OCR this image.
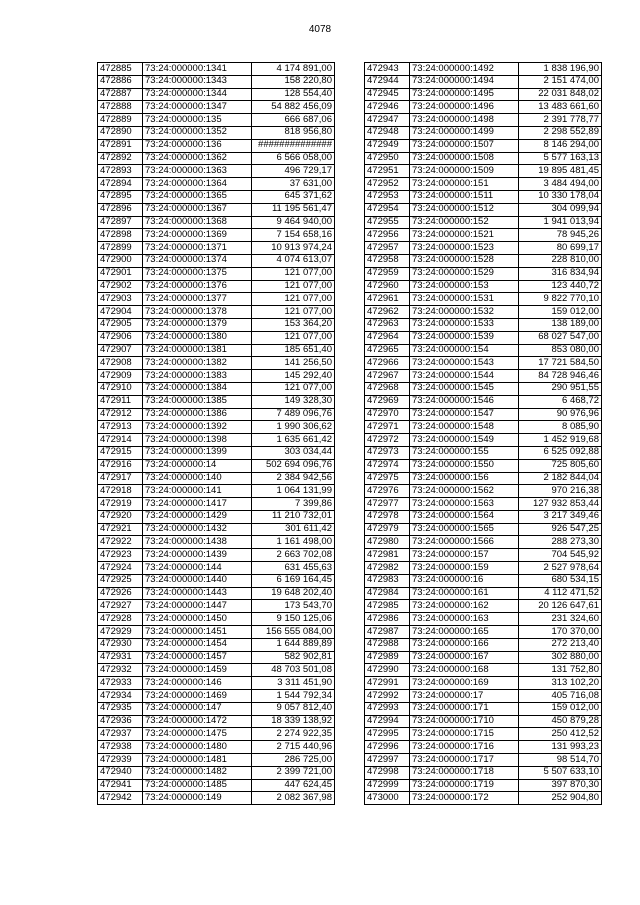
4078
472885	73:24:000000:1341	4 174 891,00
472886	73:24:000000:1343	158 220,80
472887	73:24:000000:1344	128 554,40
472888	73:24:000000:1347	54 882 456,09
472889	73:24:000000:135	666 687,06
472890	73:24:000000:1352	818 956,80
472891	73:24:000000:136	##############
472892	73:24:000000:1362	6 566 058,00
472893	73:24:000000:1363	496 729,17
472894	73:24:000000:1364	37 631,00
472895	73:24:000000:1365	645 371,62
472896	73:24:000000:1367	11 195 561,47
472897	73:24:000000:1368	9 464 940,00
472898	73:24:000000:1369	7 154 658,16
472899	73:24:000000:1371	10 913 974,24
472900	73:24:000000:1374	4 074 613,07
472901	73:24:000000:1375	121 077,00
472902	73:24:000000:1376	121 077,00
472903	73:24:000000:1377	121 077,00
472904	73:24:000000:1378	121 077,00
472905	73:24:000000:1379	153 364,20
472906	73:24:000000:1380	121 077,00
472907	73:24:000000:1381	185 651,40
472908	73:24:000000:1382	141 256,50
472909	73:24:000000:1383	145 292,40
472910	73:24:000000:1384	121 077,00
472911	73:24:000000:1385	149 328,30
472912	73:24:000000:1386	7 489 096,76
472913	73:24:000000:1392	1 990 306,62
472914	73:24:000000:1398	1 635 661,42
472915	73:24:000000:1399	303 034,44
472916	73:24:000000:14	502 694 096,76
472917	73:24:000000:140	2 384 942,56
472918	73:24:000000:141	1 064 131,99
472919	73:24:000000:1417	7 399,86
472920	73:24:000000:1429	11 210 732,01
472921	73:24:000000:1432	301 611,42
472922	73:24:000000:1438	1 161 498,00
472923	73:24:000000:1439	2 663 702,08
472924	73:24:000000:144	631 455,63
472925	73:24:000000:1440	6 169 164,45
472926	73:24:000000:1443	19 648 202,40
472927	73:24:000000:1447	173 543,70
472928	73:24:000000:1450	9 150 125,06
472929	73:24:000000:1451	156 555 084,00
472930	73:24:000000:1454	1 644 889,89
472931	73:24:000000:1457	582 902,81
472932	73:24:000000:1459	48 703 501,08
472933	73:24:000000:146	3 311 451,90
472934	73:24:000000:1469	1 544 792,34
472935	73:24:000000:147	9 057 812,40
472936	73:24:000000:1472	18 339 138,92
472937	73:24:000000:1475	2 274 922,35
472938	73:24:000000:1480	2 715 440,96
472939	73:24:000000:1481	286 725,00
472940	73:24:000000:1482	2 399 721,00
472941	73:24:000000:1485	447 624,45
472942	73:24:000000:149	2 082 367,98
472943	73:24:000000:1492	1 838 196,90
472944	73:24:000000:1494	2 151 474,00
472945	73:24:000000:1495	22 031 848,02
472946	73:24:000000:1496	13 483 661,60
472947	73:24:000000:1498	2 391 778,77
472948	73:24:000000:1499	2 298 552,89
472949	73:24:000000:1507	8 146 294,00
472950	73:24:000000:1508	5 577 163,13
472951	73:24:000000:1509	19 895 481,45
472952	73:24:000000:151	3 484 494,00
472953	73:24:000000:1511	10 330 178,04
472954	73:24:000000:1512	304 099,94
472955	73:24:000000:152	1 941 013,94
472956	73:24:000000:1521	78 945,26
472957	73:24:000000:1523	80 699,17
472958	73:24:000000:1528	228 810,00
472959	73:24:000000:1529	316 834,94
472960	73:24:000000:153	123 440,72
472961	73:24:000000:1531	9 822 770,10
472962	73:24:000000:1532	159 012,00
472963	73:24:000000:1533	138 189,00
472964	73:24:000000:1539	68 027 547,00
472965	73:24:000000:154	853 080,00
472966	73:24:000000:1543	17 721 584,50
472967	73:24:000000:1544	84 728 946,46
472968	73:24:000000:1545	290 951,55
472969	73:24:000000:1546	6 468,72
472970	73:24:000000:1547	90 976,96
472971	73:24:000000:1548	8 085,90
472972	73:24:000000:1549	1 452 919,68
472973	73:24:000000:155	6 525 092,88
472974	73:24:000000:1550	725 805,60
472975	73:24:000000:156	2 182 844,04
472976	73:24:000000:1562	970 216,38
472977	73:24:000000:1563	127 932 853,44
472978	73:24:000000:1564	3 217 349,46
472979	73:24:000000:1565	926 547,25
472980	73:24:000000:1566	288 273,30
472981	73:24:000000:157	704 545,92
472982	73:24:000000:159	2 527 978,64
472983	73:24:000000:16	680 534,15
472984	73:24:000000:161	4 112 471,52
472985	73:24:000000:162	20 126 647,61
472986	73:24:000000:163	231 324,60
472987	73:24:000000:165	170 370,00
472988	73:24:000000:166	272 213,40
472989	73:24:000000:167	302 880,00
472990	73:24:000000:168	131 752,80
472991	73:24:000000:169	313 102,20
472992	73:24:000000:17	405 716,08
472993	73:24:000000:171	159 012,00
472994	73:24:000000:1710	450 879,28
472995	73:24:000000:1715	250 412,52
472996	73:24:000000:1716	131 993,23
472997	73:24:000000:1717	98 514,70
472998	73:24:000000:1718	5 507 633,10
472999	73:24:000000:1719	397 870,30
473000	73:24:000000:172	252 904,80
